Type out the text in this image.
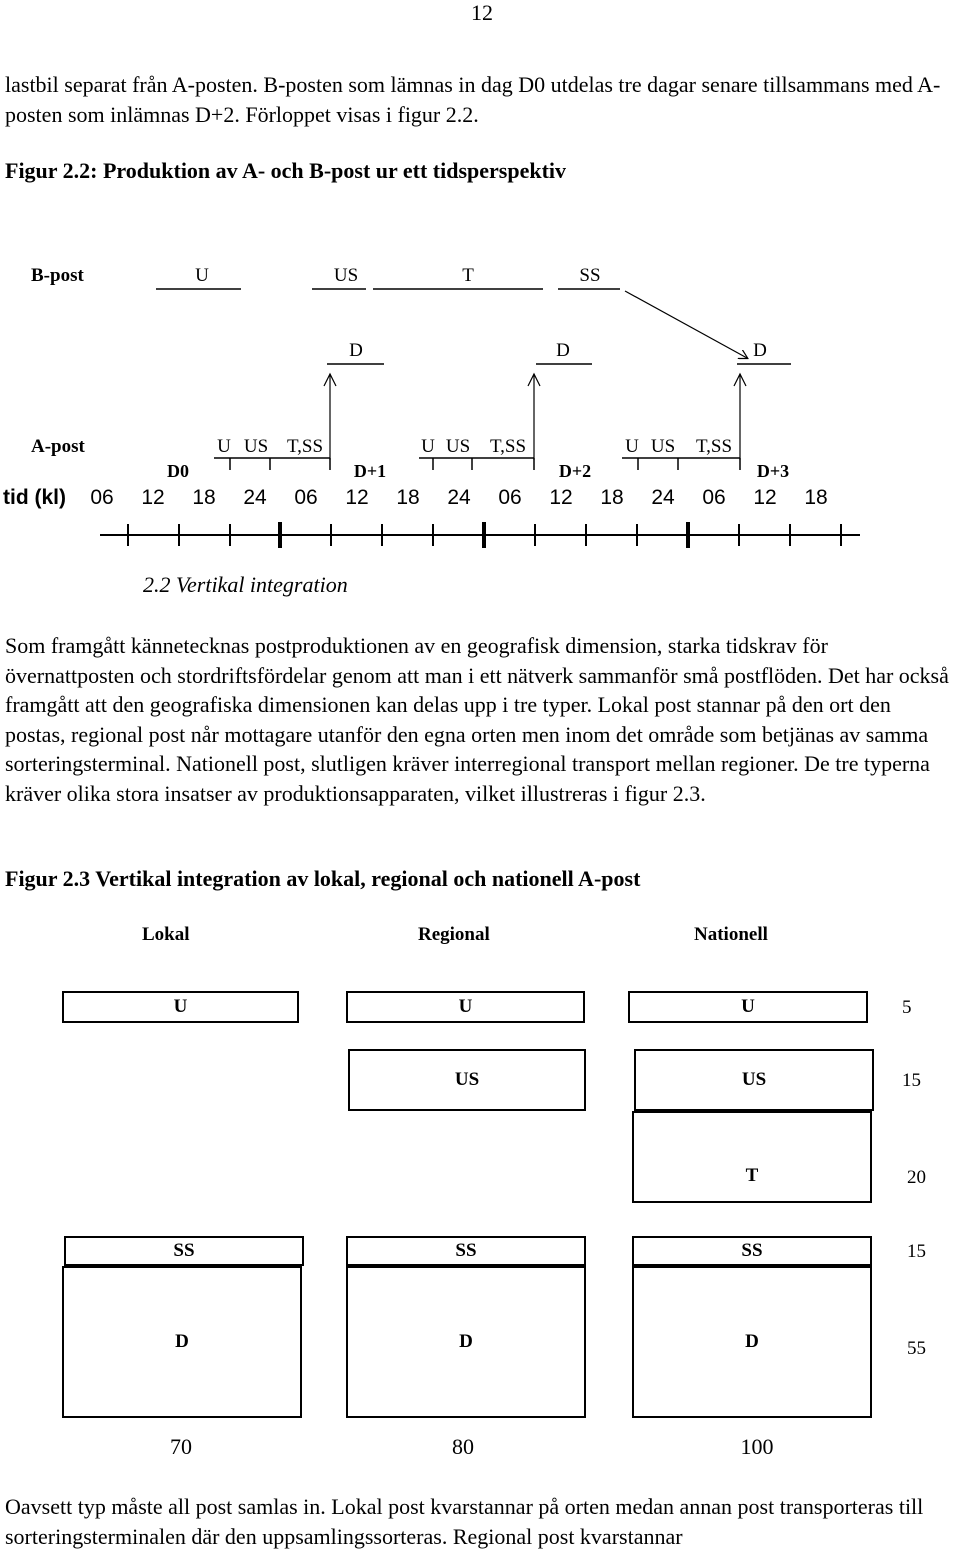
12
lastbil separat från A-posten. B-posten som lämnas in dag D0 utdelas tre dagar senare tillsammans med A-posten som inlämnas D+2. Förloppet visas i figur 2.2.
Figur 2.2: Produktion av A- och B-post ur ett tidsperspektiv
B-post	U	US	T	SS
D	D	D
A-post	U US T,SS	U US T,SS	U US T,SS
D0	D+1	D+2	D+3
tid (kl) 06 12 18 24 06 12 18 24 06 12 18 24 06 12 18
2.2 Vertikal integration
Som framgått kännetecknas postproduktionen av en geografisk dimension, starka tidskrav för övernattposten och stordriftsfördelar genom att man i ett nätverk sammanför små postflöden. Det har också framgått att den geografiska dimensionen kan delas upp i tre typer. Lokal post stannar på den ort den postas, regional post når mottagare utanför den egna orten men inom det område som betjänas av samma sorteringsterminal. Nationell post, slutligen kräver interregional transport mellan regioner. De tre typerna kräver olika stora insatser av produktionsapparaten, vilket illustreras i figur 2.3.
Figur 2.3 Vertikal integration av lokal, regional och nationell A-post
Lokal	Regional	Nationell
U	U	U	5
US	US	15
T	20
SS	SS	SS	15
D	D	D	55
70	80	100
Oavsett typ måste all post samlas in. Lokal post kvarstannar på orten medan annan post transporteras till sorteringsterminalen där den uppsamlingssorteras. Regional post kvarstannar
